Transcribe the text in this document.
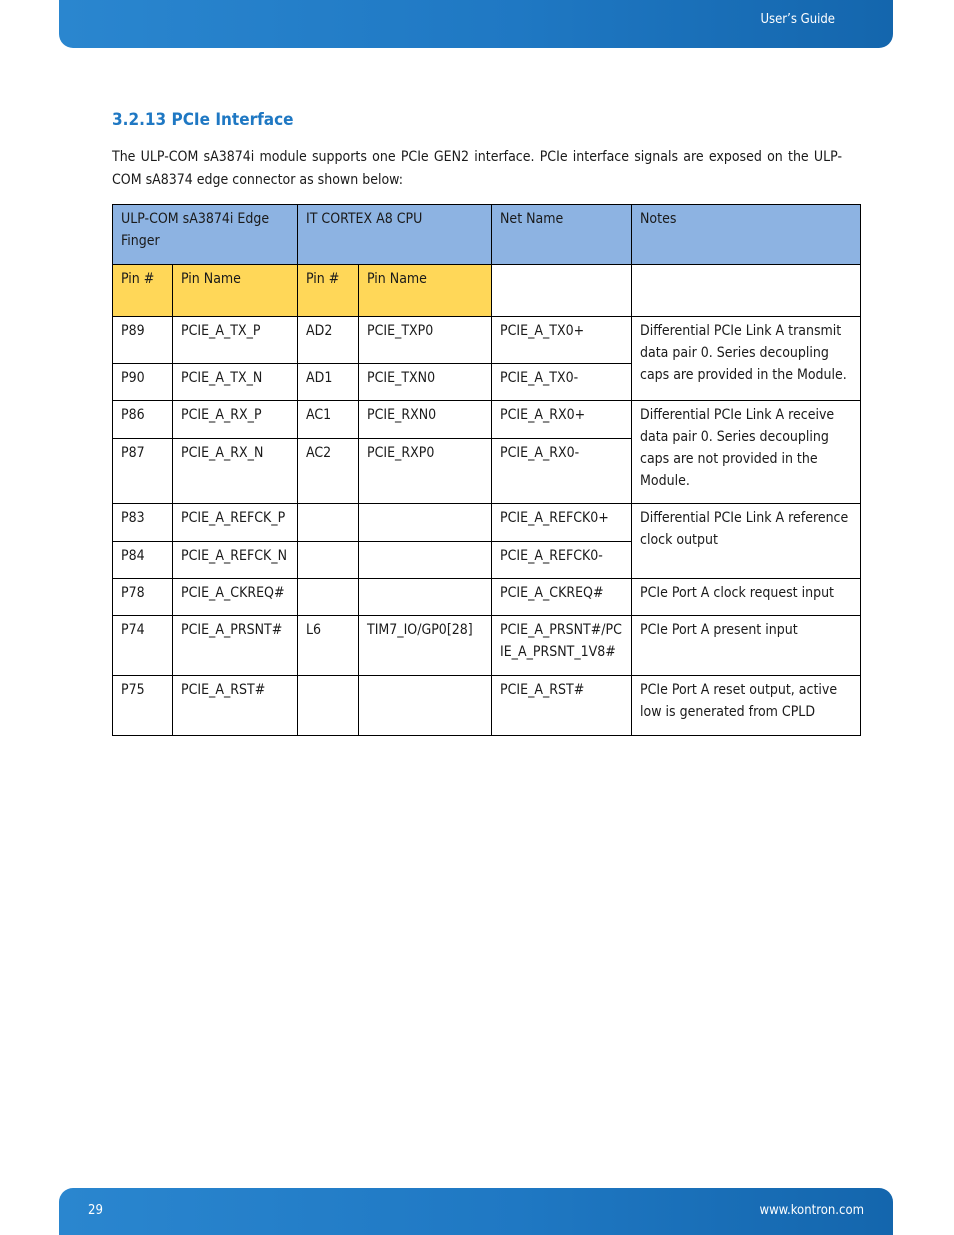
User’s Guide
3.2.13 PCIe Interface

The ULP-COM sA3874i module supports one PCIe GEN2 interface. PCIe interface signals are exposed on the ULP-COM sA8374 edge connector as shown below:

ULP-COM sA3874i Edge Finger		IT CORTEX A8 CPU		Net Name	Notes
Pin #	Pin Name	Pin #	Pin Name		
P89	PCIE_A_TX_P	AD2	PCIE_TXP0	PCIE_A_TX0+	Differential PCIe Link A transmit data pair 0. Series decoupling caps are provided in the Module.
P90	PCIE_A_TX_N	AD1	PCIE_TXN0	PCIE_A_TX0-	
P86	PCIE_A_RX_P	AC1	PCIE_RXN0	PCIE_A_RX0+	Differential PCIe Link A receive data pair 0. Series decoupling caps are not provided in the Module.
P87	PCIE_A_RX_N	AC2	PCIE_RXP0	PCIE_A_RX0-	
P83	PCIE_A_REFCK_P			PCIE_A_REFCK0+	Differential PCIe Link A reference clock output
P84	PCIE_A_REFCK_N			PCIE_A_REFCK0-	
P78	PCIE_A_CKREQ#			PCIE_A_CKREQ#	PCIe Port A clock request input
P74	PCIE_A_PRSNT#	L6	TIM7_IO/GP0[28]	PCIE_A_PRSNT#/PCIE_A_PRSNT_1V8#	PCIe Port A present input
P75	PCIE_A_RST#			PCIE_A_RST#	PCIe Port A reset output, active low is generated from CPLD
29	www.kontron.com
